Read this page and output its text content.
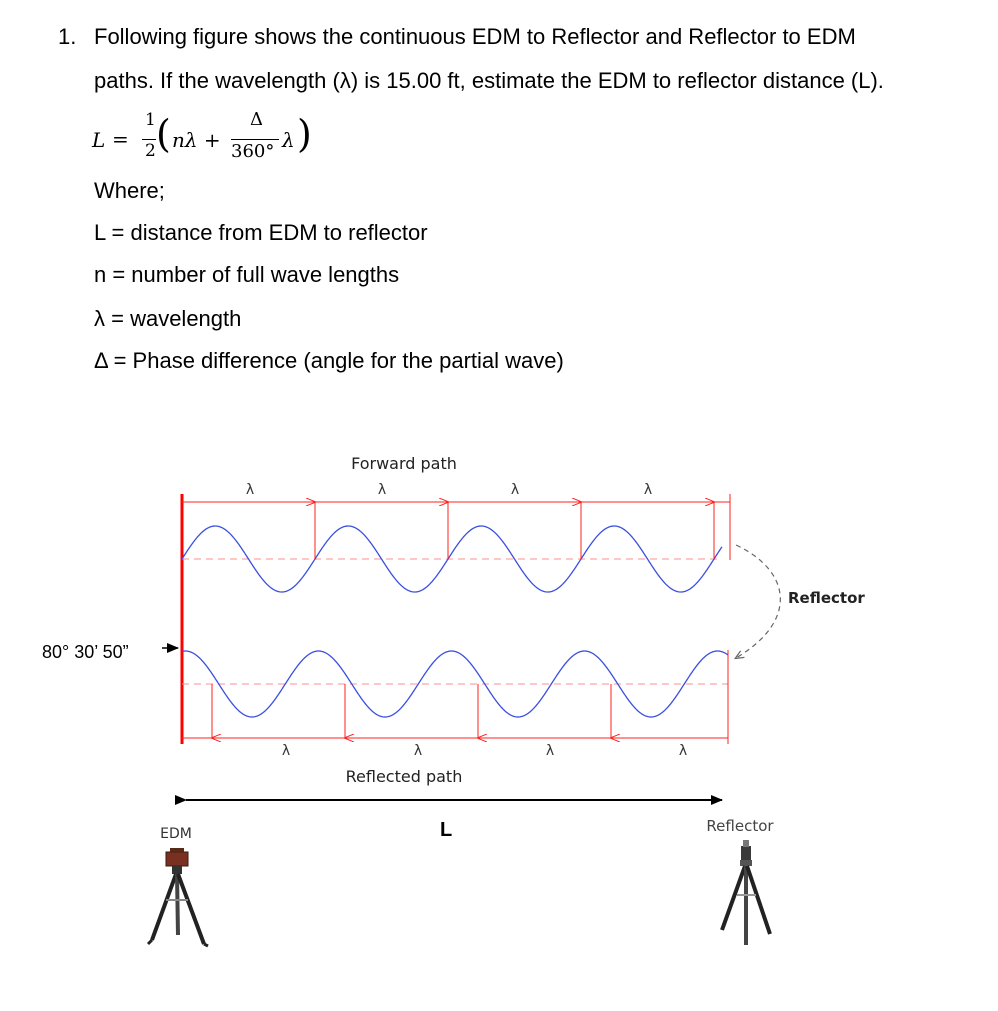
1. Following figure shows the continuous EDM to Reflector and Reflector to EDM
paths. If the wavelength (λ) is 15.00 ft, estimate the EDM to reflector distance (L).
L =
1
2 ( nλ +
Δ
360° λ )
Where;
L = distance from EDM to reflector
n = number of full wave lengths
λ = wavelength
Δ = Phase difference (angle for the partial wave)
Forward path
Reflected path
λ	λ	λ	λ
λ	λ	λ	λ
Reflector
80° 30’ 50”
L
EDM	Reflector
